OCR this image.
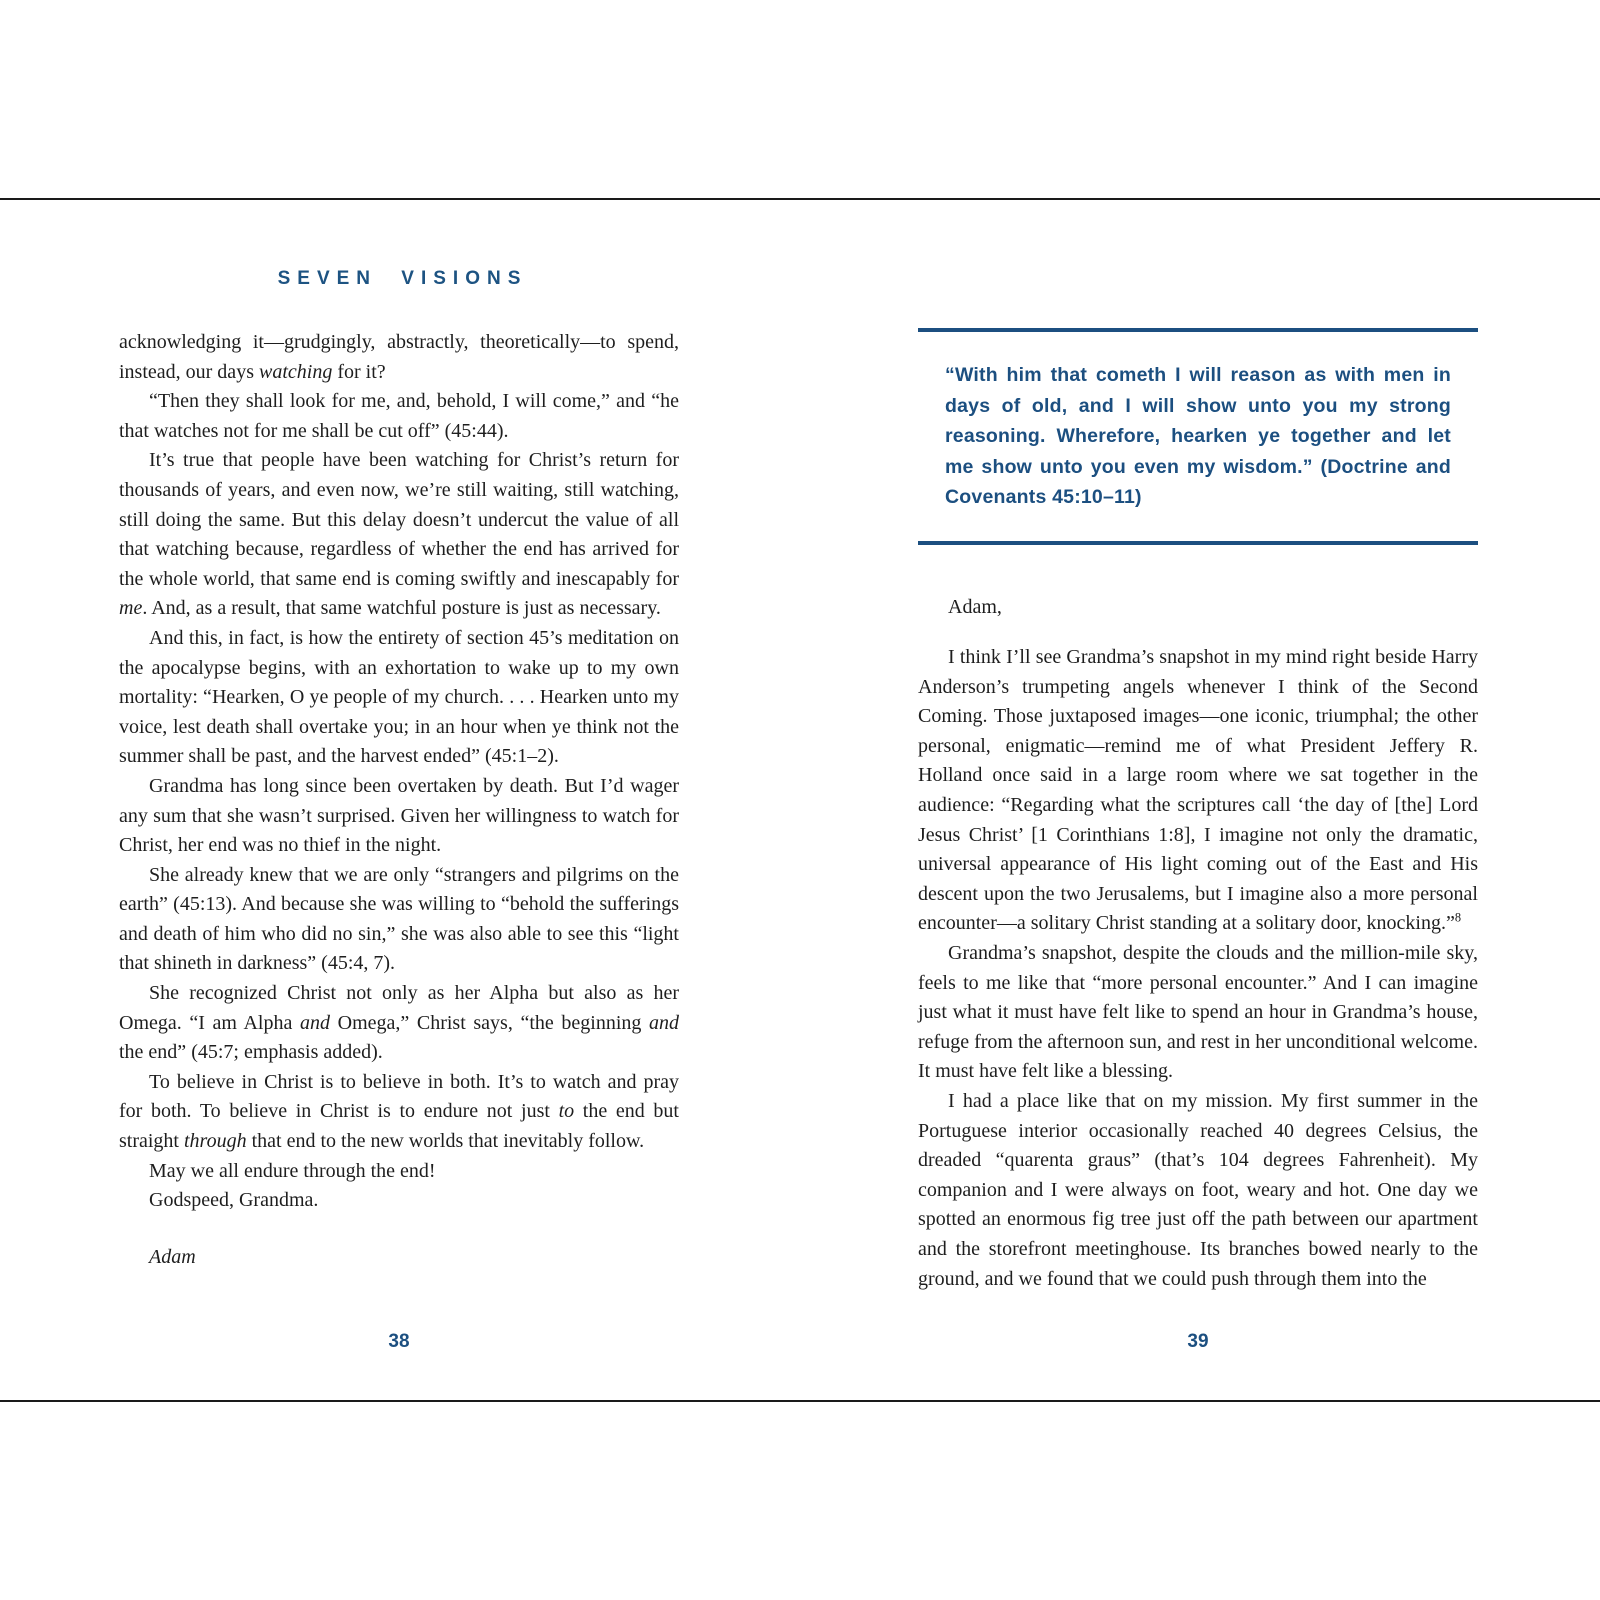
SEVEN VISIONS

acknowledging it—grudgingly, abstractly, theoretically—to spend, instead, our days watching for it?

“Then they shall look for me, and, behold, I will come,” and “he that watches not for me shall be cut off” (45:44).

It’s true that people have been watching for Christ’s return for thousands of years, and even now, we’re still waiting, still watching, still doing the same. But this delay doesn’t undercut the value of all that watching because, regardless of whether the end has arrived for the whole world, that same end is coming swiftly and inescapably for me. And, as a result, that same watchful posture is just as necessary.

And this, in fact, is how the entirety of section 45’s meditation on the apocalypse begins, with an exhortation to wake up to my own mortality: “Hearken, O ye people of my church. . . . Hearken unto my voice, lest death shall overtake you; in an hour when ye think not the summer shall be past, and the harvest ended” (45:1–2).

Grandma has long since been overtaken by death. But I’d wager any sum that she wasn’t surprised. Given her willingness to watch for Christ, her end was no thief in the night.

She already knew that we are only “strangers and pilgrims on the earth” (45:13). And because she was willing to “behold the sufferings and death of him who did no sin,” she was also able to see this “light that shineth in darkness” (45:4, 7).

She recognized Christ not only as her Alpha but also as her Omega. “I am Alpha and Omega,” Christ says, “the beginning and the end” (45:7; emphasis added).

To believe in Christ is to believe in both. It’s to watch and pray for both. To believe in Christ is to endure not just to the end but straight through that end to the new worlds that inevitably follow.

May we all endure through the end!

Godspeed, Grandma.

Adam

“With him that cometh I will reason as with men in days of old, and I will show unto you my strong reasoning. Wherefore, hearken ye together and let me show unto you even my wisdom.” (Doctrine and Covenants 45:10–11)

Adam,

I think I’ll see Grandma’s snapshot in my mind right beside Harry Anderson’s trumpeting angels whenever I think of the Second Coming. Those juxtaposed images—one iconic, triumphal; the other personal, enigmatic—remind me of what President Jeffery R. Holland once said in a large room where we sat together in the audience: “Regarding what the scriptures call ‘the day of [the] Lord Jesus Christ’ [1 Corinthians 1:8], I imagine not only the dramatic, universal appearance of His light coming out of the East and His descent upon the two Jerusalems, but I imagine also a more personal encounter—a solitary Christ standing at a solitary door, knocking.”$^8$

Grandma’s snapshot, despite the clouds and the million-mile sky, feels to me like that “more personal encounter.” And I can imagine just what it must have felt like to spend an hour in Grandma’s house, refuge from the afternoon sun, and rest in her unconditional welcome. It must have felt like a blessing.

I had a place like that on my mission. My first summer in the Portuguese interior occasionally reached 40 degrees Celsius, the dreaded “quarenta graus” (that’s 104 degrees Fahrenheit). My companion and I were always on foot, weary and hot. One day we spotted an enormous fig tree just off the path between our apartment and the storefront meetinghouse. Its branches bowed nearly to the ground, and we found that we could push through them into the

38	39
